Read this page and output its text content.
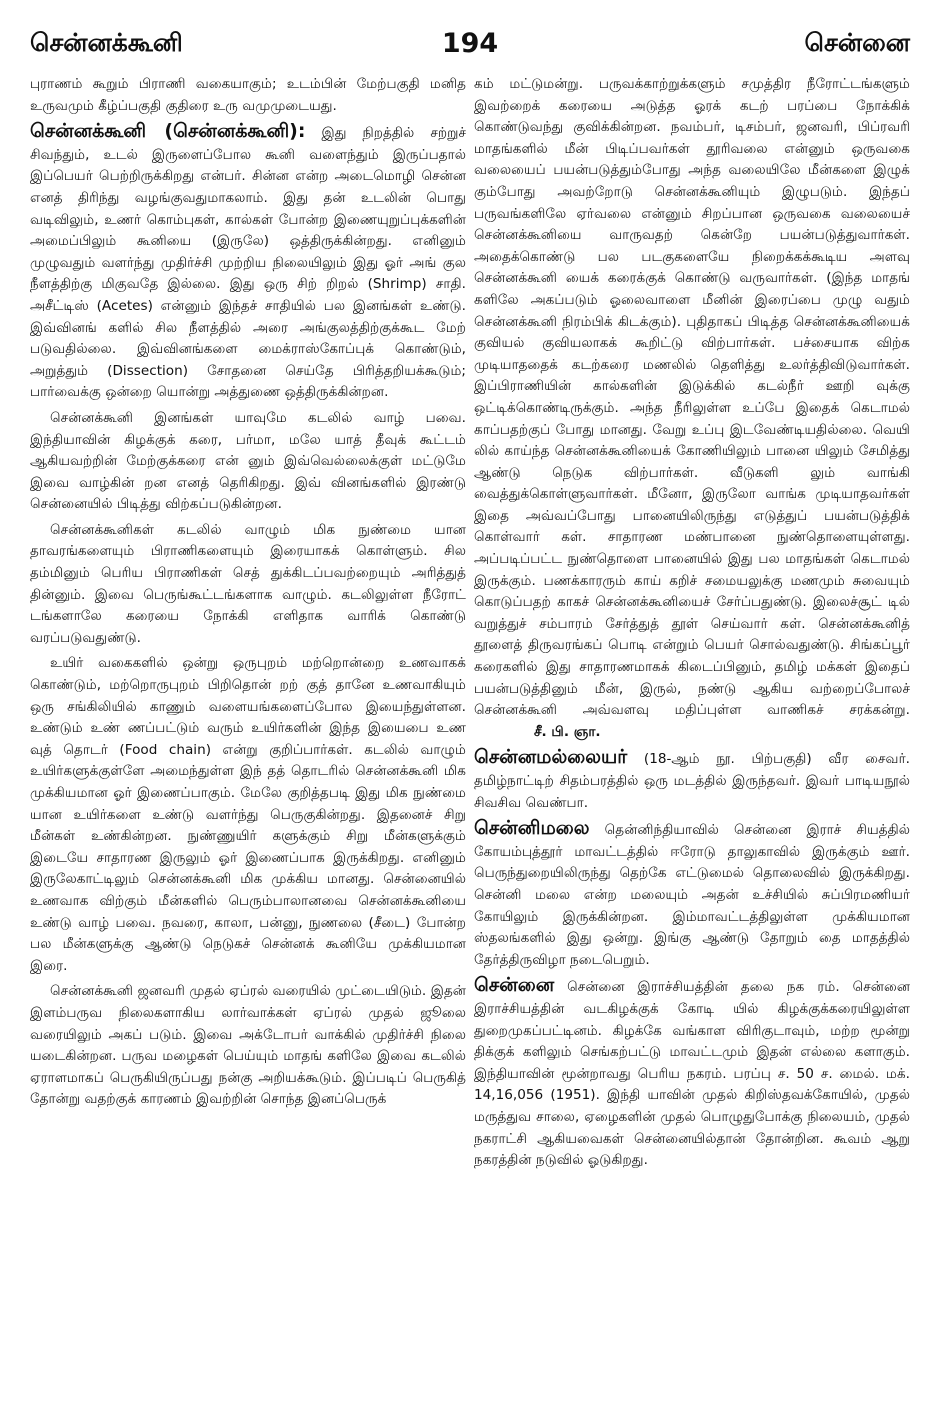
சென்னக்கூனி	194	சென்னை

புராணம் கூறும் பிராணி வகையாகும்; உடம்பின் மேற்பகுதி மனித உருவமும் கீழ்ப்பகுதி குதிரை உரு வமுமுடையது.

சென்னக்கூனி (சென்னக்கூனி): இது நிறத்தில் சற்றுச் சிவந்தும், உடல் இருளைப்போல கூனி வளைந்தும் இருப்பதால் இப்பெயர் பெற்றிருக்கிறது என்பர். சின்ன என்ற அடைமொழி சென்ன எனத் திரிந்து வழங்குவதுமாகலாம். இது தன் உடலின் பொது வடிவிலும், உணர் கொம்புகள், கால்கள் போன்ற இணையுறுப்புக்களின் அமைப்பிலும் கூனியை (இருலே) ஒத்திருக்கின்றது. எனினும் முழுவதும் வளர்ந்து முதிர்ச்சி முற்றிய நிலையிலும் இது ஓர் அங் குல நீளத்திற்கு மிகுவதே இல்லை. இது ஒரு சிற் றிறல் (Shrimp) சாதி. அசீட்டிஸ் (Acetes) என்னும் இந்தச் சாதியில் பல இனங்கள் உண்டு. இவ்வினங் களில் சில நீளத்தில் அரை அங்குலத்திற்குக்கூட மேற் படுவதில்லை. இவ்வினங்களை மைக்ராஸ்கோப்புக் கொண்டும், அறுத்தும் (Dissection) சோதனை செய்தே பிரித்தறியக்கூடும்; பார்வைக்கு ஒன்றை யொன்று அத்துணை ஒத்திருக்கின்றன.

சென்னக்கூனி இனங்கள் யாவுமே கடலில் வாழ் பவை. இந்தியாவின் கிழக்குக் கரை, பர்மா, மலே யாத் தீவுக் கூட்டம் ஆகியவற்றின் மேற்குக்கரை என் னும் இவ்வெல்லைக்குள் மட்டுமே இவை வாழ்கின் றன எனத் தெரிகிறது. இவ் வினங்களில் இரண்டு சென்னையில் பிடித்து விற்கப்படுகின்றன.

சென்னக்கூனிகள் கடலில் வாழும் மிக நுண்மை யான தாவரங்களையும் பிராணிகளையும் இரையாகக் கொள்ளும். சில தம்மினும் பெரிய பிராணிகள் செத் துக்கிடப்பவற்றையும் அரித்துத் தின்னும். இவை பெருங்கூட்டங்களாக வாழும். கடலிலுள்ள நீரோட் டங்களாலே கரையை நோக்கி எளிதாக வாரிக் கொண்டு வரப்படுவதுண்டு.

உயிர் வகைகளில் ஒன்று ஒருபுறம் மற்றொன்றை உணவாகக் கொண்டும், மற்றொருபுறம் பிறிதொன் றற் குத் தானே உணவாகியும் ஒரு சங்கிலியில் காணும் வளையங்களைப்போல இயைந்துள்ளன. உண்டும் உண் ணப்பட்டும் வரும் உயிர்களின் இந்த இயைபை உண வுத் தொடர் (Food chain) என்று குறிப்பார்கள். கடலில் வாழும் உயிர்களுக்குள்ளே அமைந்துள்ள இந் தத் தொடரில் சென்னக்கூனி மிக முக்கியமான ஓர் இணைப்பாகும். மேலே குறித்தபடி இது மிக நுண்மை யான உயிர்களை உண்டு வளர்ந்து பெருகுகின்றது. இதனைச் சிறு மீன்கள் உண்கின்றன. நுண்ணுயிர் களுக்கும் சிறு மீன்களுக்கும் இடையே சாதாரண இருலும் ஓர் இணைப்பாக இருக்கிறது. எனினும் இருலேகாட்டிலும் சென்னக்கூனி மிக முக்கிய மானது. சென்னையில் உணவாக விற்கும் மீன்களில் பெரும்பாலானவை சென்னக்கூனியை உண்டு வாழ் பவை. நவரை, காலா, பன்னு, நுணலை (சீடை) போன்ற பல மீன்களுக்கு ஆண்டு நெடுகச் சென்னக் கூனியே முக்கியமான இரை.

சென்னக்கூனி ஜனவரி முதல் ஏப்ரல் வரையில் முட்டையிடும். இதன் இளம்பருவ நிலைகளாகிய லார்வாக்கள் ஏப்ரல் முதல் ஜூலை வரையிலும் அகப் படும். இவை அக்டோபர் வாக்கில் முதிர்ச்சி நிலை யடைகின்றன. பருவ மழைகள் பெய்யும் மாதங் களிலே இவை கடலில் ஏராளமாகப் பெருகியிருப்பது நன்கு அறியக்கூடும். இப்படிப் பெருகித் தோன்று வதற்குக் காரணம் இவற்றின் சொந்த இனப்பெருக்

கம் மட்டுமன்று. பருவக்காற்றுக்களும் சமுத்திர நீரோட்டங்களும் இவற்றைக் கரையை அடுத்த ஓரக் கடற் பரப்பை நோக்கிக் கொண்டுவந்து குவிக்கின்றன. நவம்பர், டிசம்பர், ஜனவரி, பிப்ரவரி மாதங்களில் மீன் பிடிப்பவர்கள் தூரிவலை என்னும் ஒருவகை வலையைப் பயன்படுத்தும்போது அந்த வலையிலே மீன்களை இழுக் கும்போது அவற்றோடு சென்னக்கூனியும் இழுபடும். இந்தப் பருவங்களிலே ஏர்வலை என்னும் சிறப்பான ஒருவகை வலையைச் சென்னக்கூனியை வாருவதற் கென்றே பயன்படுத்துவார்கள். அதைக்கொண்டு பல படகுகளையே நிறைக்கக்கூடிய அளவு சென்னக்கூனி யைக் கரைக்குக் கொண்டு வருவார்கள். (இந்த மாதங் களிலே அகப்படும் ஓலைவாளை மீனின் இரைப்பை முழு வதும் சென்னக்கூனி நிரம்பிக் கிடக்கும்). புதிதாகப் பிடித்த சென்னக்கூனியைக் குவியல் குவியலாகக் கூறிட்டு விற்பார்கள். பச்சையாக விற்க முடியாததைக் கடற்கரை மணலில் தெளித்து உலர்த்திவிடுவார்கள். இப்பிராணியின் கால்களின் இடுக்கில் கடல்நீர் ஊறி வுக்கு ஒட்டிக்கொண்டிருக்கும். அந்த நீரிலுள்ள உப்பே இதைக் கெடாமல் காப்பதற்குப் போது மானது. வேறு உப்பு இடவேண்டியதில்லை. வெயி லில் காய்ந்த சென்னக்கூனியைக் கோணியிலும் பானை யிலும் சேமித்து ஆண்டு நெடுக விற்பார்கள். வீடுகளி லும் வாங்கி வைத்துக்கொள்ளுவார்கள். மீனோ, இருலோ வாங்க முடியாதவர்கள் இதை அவ்வப்போது பானையிலிருந்து எடுத்துப் பயன்படுத்திக் கொள்வார் கள். சாதாரண மண்பானை நுண்தொளையுள்ளது. அப்படிப்பட்ட நுண்தொளை பானையில் இது பல மாதங்கள் கெடாமல் இருக்கும். பணக்காரரும் காய் கறிச் சமையலுக்கு மணமும் சுவையும் கொடுப்பதற் காகச் சென்னக்கூனியைச் சேர்ப்பதுண்டு. இலைச்சூட் டில் வறுத்துச் சம்பாரம் சேர்த்துத் தூள் செய்வார் கள். சென்னக்கூனித் தூளைத் திருவரங்கப் பொடி என்றும் பெயர் சொல்வதுண்டு. சிங்கப்பூர் கரைகளில் இது சாதாரணமாகக் கிடைப்பினும், தமிழ் மக்கள் இதைப் பயன்படுத்தினும் மீன், இருல், நண்டு ஆகிய வற்றைப்போலச் சென்னக்கூனி அவ்வளவு மதிப்புள்ள வாணிகச் சரக்கன்று.சீ. பி. ஞா.

சென்னமல்லையர் (18-ஆம் நூ. பிற்பகுதி) வீர சைவர். தமிழ்நாட்டிற் சிதம்பரத்தில் ஒரு மடத்தில் இருந்தவர். இவர் பாடியநூல் சிவசிவ வெண்பா.

சென்னிமலை தென்னிந்தியாவில் சென்னை இராச் சியத்தில் கோயம்புத்தூர் மாவட்டத்தில் ஈரோடு தாலுகாவில் இருக்கும் ஊர். பெருந்துறையிலிருந்து தெற்கே எட்டுமைல் தொலைவில் இருக்கிறது. சென்னி மலை என்ற மலையும் அதன் உச்சியில் சுப்பிரமணியர் கோயிலும் இருக்கின்றன. இம்மாவட்டத்திலுள்ள முக்கியமான ஸ்தலங்களில் இது ஒன்று. இங்கு ஆண்டு தோறும் தை மாதத்தில் தேர்த்திருவிழா நடைபெறும்.

சென்னை சென்னை இராச்சியத்தின் தலை நக ரம். சென்னை இராச்சியத்தின் வடகிழக்குக் கோடி யில் கிழக்குக்கரையிலுள்ள துறைமுகப்பட்டினம். கிழக்கே வங்காள விரிகுடாவும், மற்ற மூன்று திக்குக் களிலும் செங்கற்பட்டு மாவட்டமும் இதன் எல்லை களாகும். இந்தியாவின் மூன்றாவது பெரிய நகரம். பரப்பு ச. 50 ச. மைல். மக். 14,16,056 (1951). இந்தி யாவின் முதல் கிறிஸ்தவக்கோயில், முதல் மருத்துவ சாலை, ஏழைகளின் முதல் பொழுதுபோக்கு நிலையம், முதல் நகராட்சி ஆகியவைகள் சென்னையில்தான் தோன்றின. கூவம் ஆறு நகரத்தின் நடுவில் ஓடுகிறது.
